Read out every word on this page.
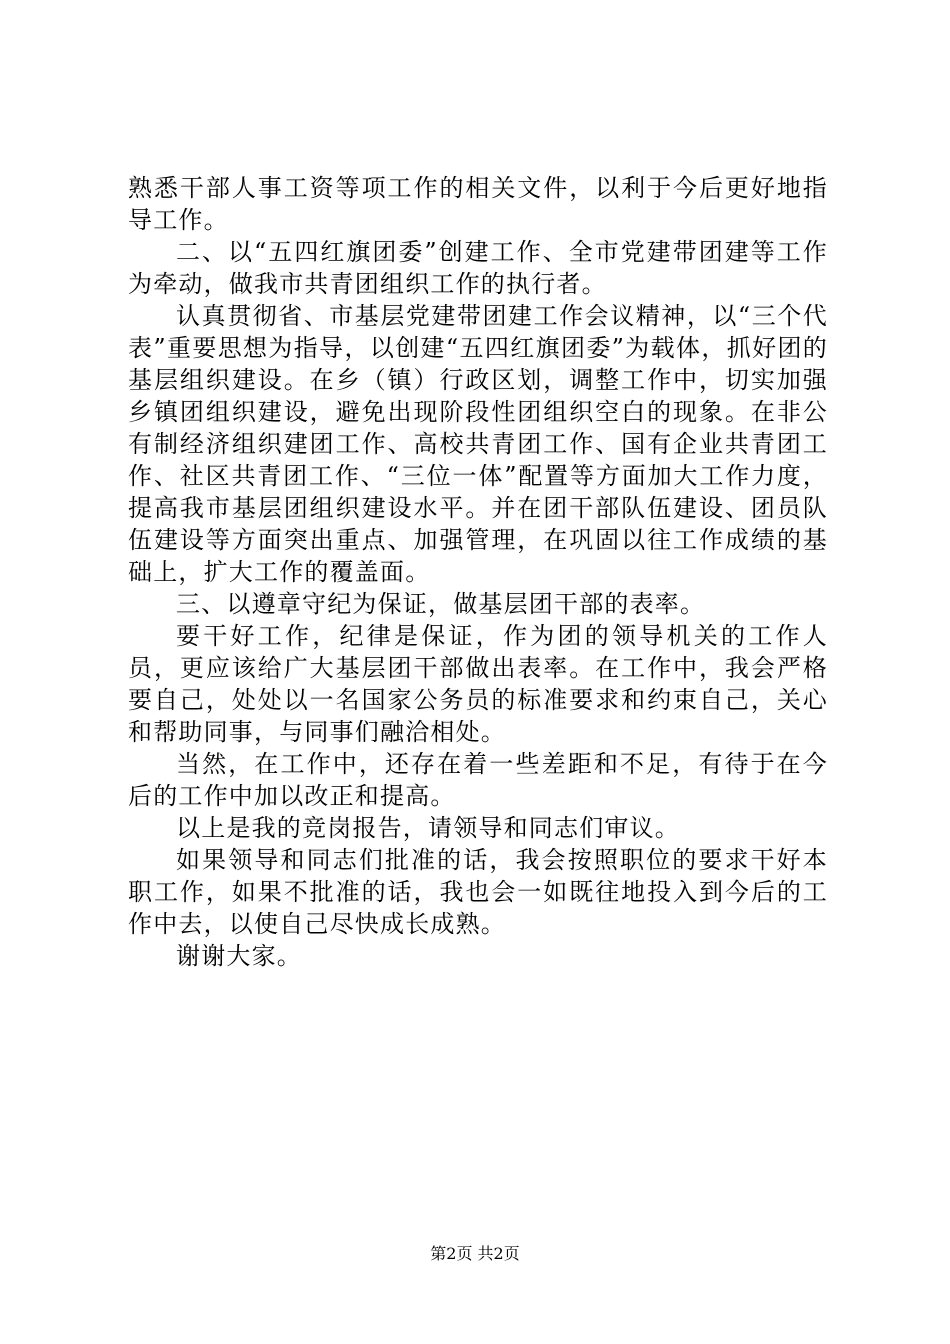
熟悉干部人事工资等项工作的相关文件，以利于今后更好地指导工作。

二、以“五四红旗团委”创建工作、全市党建带团建等工作为牵动，做我市共青团组织工作的执行者。

认真贯彻省、市基层党建带团建工作会议精神，以“三个代表”重要思想为指导，以创建“五四红旗团委”为载体，抓好团的基层组织建设。在乡（镇）行政区划，调整工作中，切实加强乡镇团组织建设，避免出现阶段性团组织空白的现象。在非公有制经济组织建团工作、高校共青团工作、国有企业共青团工作、社区共青团工作、“三位一体”配置等方面加大工作力度，提高我市基层团组织建设水平。并在团干部队伍建设、团员队伍建设等方面突出重点、加强管理，在巩固以往工作成绩的基础上，扩大工作的覆盖面。

三、以遵章守纪为保证，做基层团干部的表率。

要干好工作，纪律是保证，作为团的领导机关的工作人员，更应该给广大基层团干部做出表率。在工作中，我会严格要自己，处处以一名国家公务员的标准要求和约束自己，关心和帮助同事，与同事们融洽相处。

当然，在工作中，还存在着一些差距和不足，有待于在今后的工作中加以改正和提高。

以上是我的竞岗报告，请领导和同志们审议。

如果领导和同志们批准的话，我会按照职位的要求干好本职工作，如果不批准的话，我也会一如既往地投入到今后的工作中去，以使自己尽快成长成熟。

谢谢大家。

第2页 共2页
